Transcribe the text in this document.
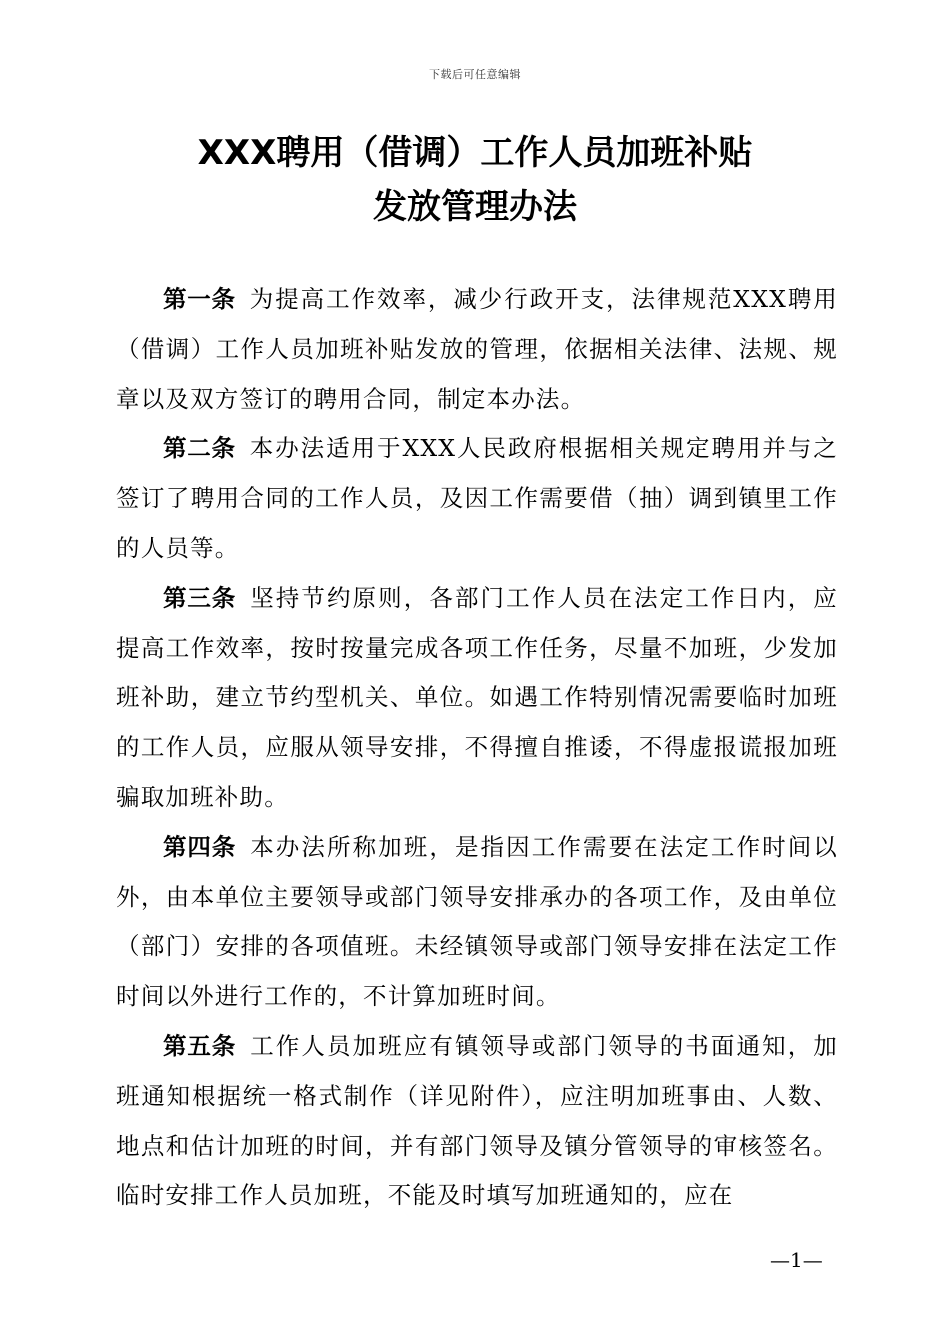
下载后可任意编辑
XXX聘用（借调）工作人员加班补贴
发放管理办法

第一条 为提高工作效率，减少行政开支，法律规范XXX聘用（借调）工作人员加班补贴发放的管理，依据相关法律、法规、规章以及双方签订的聘用合同，制定本办法。

第二条 本办法适用于XXX人民政府根据相关规定聘用并与之签订了聘用合同的工作人员，及因工作需要借（抽）调到镇里工作的人员等。

第三条 坚持节约原则，各部门工作人员在法定工作日内，应提高工作效率，按时按量完成各项工作任务，尽量不加班，少发加班补助，建立节约型机关、单位。如遇工作特别情况需要临时加班的工作人员，应服从领导安排，不得擅自推诿，不得虚报谎报加班骗取加班补助。

第四条 本办法所称加班，是指因工作需要在法定工作时间以外，由本单位主要领导或部门领导安排承办的各项工作，及由单位（部门）安排的各项值班。未经镇领导或部门领导安排在法定工作时间以外进行工作的，不计算加班时间。

第五条 工作人员加班应有镇领导或部门领导的书面通知，加班通知根据统一格式制作（详见附件），应注明加班事由、人数、地点和估计加班的时间，并有部门领导及镇分管领导的审核签名。临时安排工作人员加班，不能及时填写加班通知的，应在

—1—
